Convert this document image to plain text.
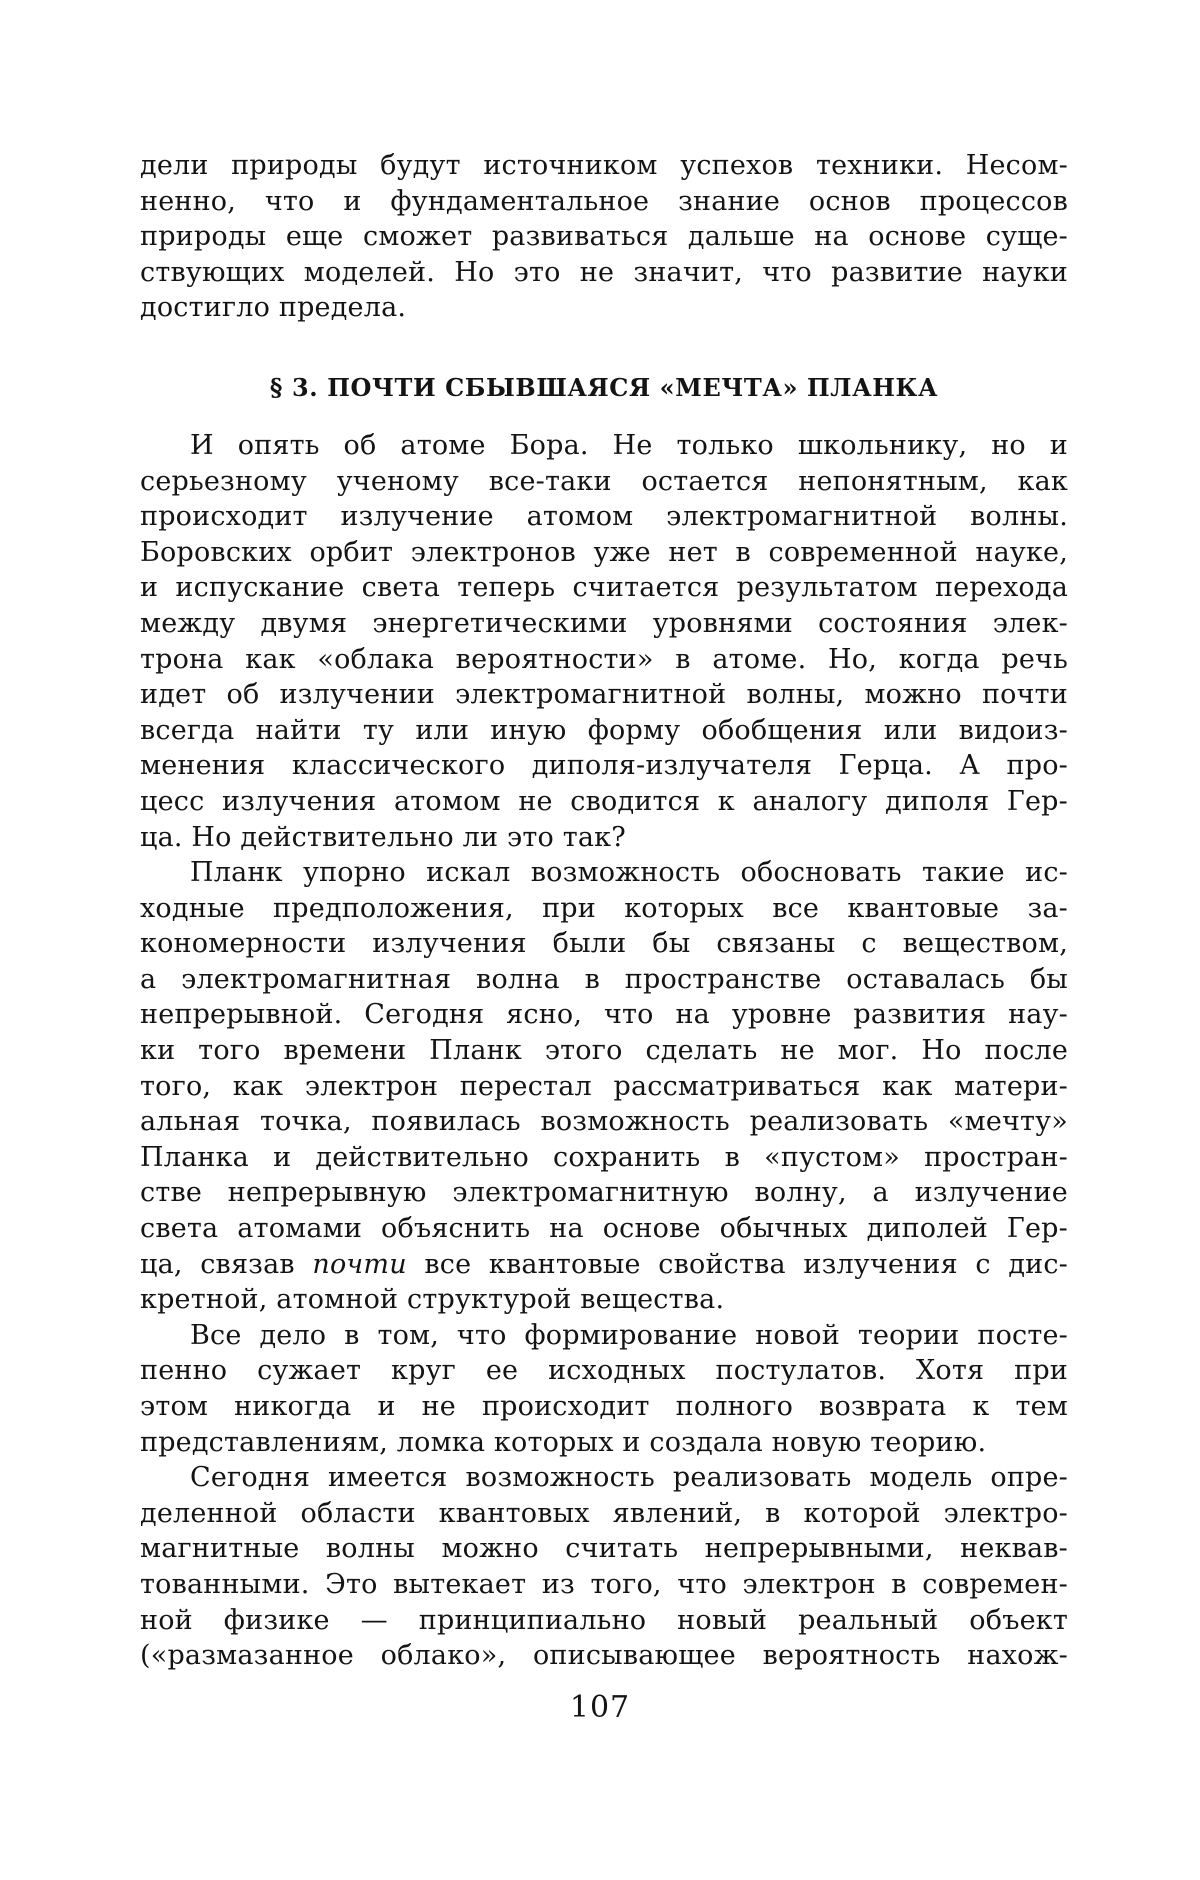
дели природы будут источником успехов техники. Несом-
ненно, что и фундаментальное знание основ процессов
природы еще сможет развиваться дальше на основе суще-
ствующих моделей. Но это не значит, что развитие науки
достигло предела.
§ 3. ПОЧТИ СБЫВШАЯСЯ «МЕЧТА» ПЛАНКА
И опять об атоме Бора. Не только школьнику, но и
серьезному ученому все-таки остается непонятным, как
происходит излучение атомом электромагнитной волны.
Боровских орбит электронов уже нет в современной науке,
и испускание света теперь считается результатом перехода
между двумя энергетическими уровнями состояния элек-
трона как «облака вероятности» в атоме. Но, когда речь
идет об излучении электромагнитной волны, можно почти
всегда найти ту или иную форму обобщения или видоиз-
менения классического диполя-излучателя Герца. А про-
цесс излучения атомом не сводится к аналогу диполя Гер-
ца. Но действительно ли это так?
Планк упорно искал возможность обосновать такие ис-
ходные предположения, при которых все квантовые за-
кономерности излучения были бы связаны с веществом,
а электромагнитная волна в пространстве оставалась бы
непрерывной. Сегодня ясно, что на уровне развития нау-
ки того времени Планк этого сделать не мог. Но после
того, как электрон перестал рассматриваться как матери-
альная точка, появилась возможность реализовать «мечту»
Планка и действительно сохранить в «пустом» простран-
стве непрерывную электромагнитную волну, а излучение
света атомами объяснить на основе обычных диполей Гер-
ца, связав почти все квантовые свойства излучения с дис-
кретной, атомной структурой вещества.
Все дело в том, что формирование новой теории посте-
пенно сужает круг ее исходных постулатов. Хотя при
этом никогда и не происходит полного возврата к тем
представлениям, ломка которых и создала новую теорию.
Сегодня имеется возможность реализовать модель опре-
деленной области квантовых явлений, в которой электро-
магнитные волны можно считать непрерывными, неквав-
тованными. Это вытекает из того, что электрон в современ-
ной физике — принципиально новый реальный объект
(«размазанное облако», описывающее вероятность нахож-
107
